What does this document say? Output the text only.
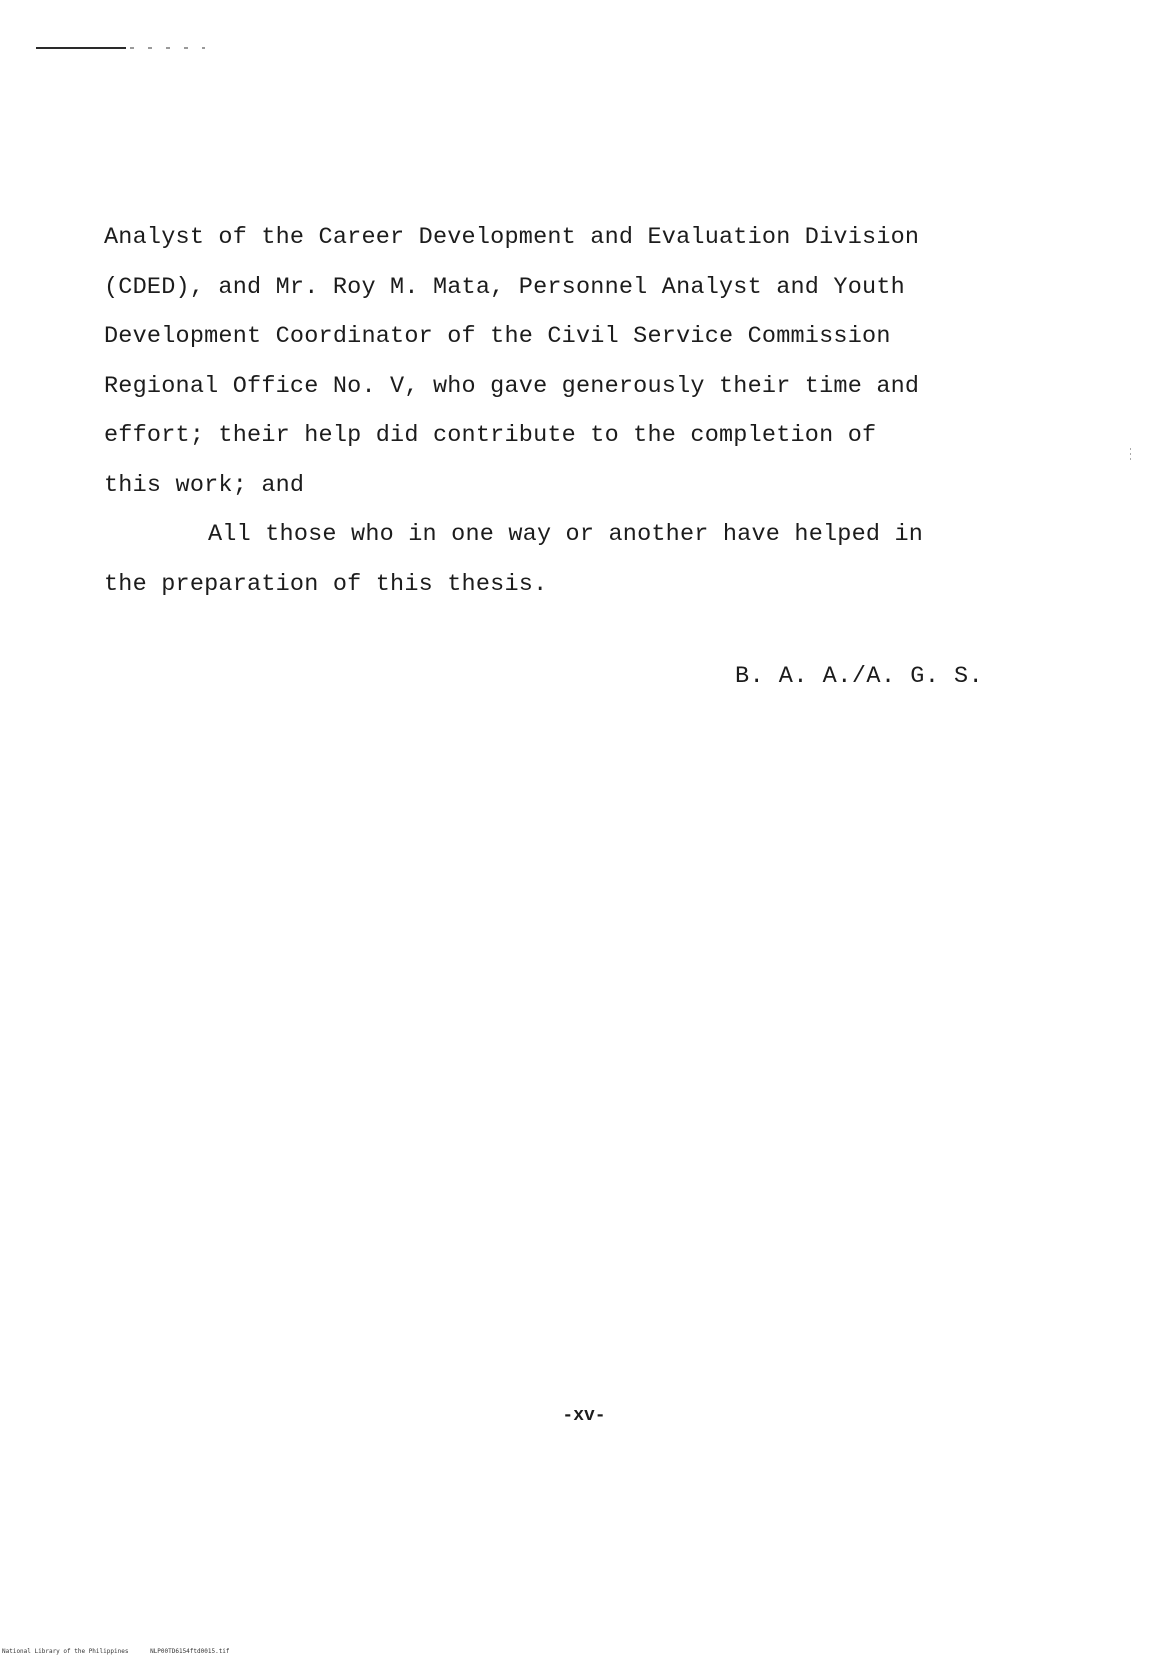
Analyst of the Career Development and Evaluation Division
(CDED), and Mr. Roy M. Mata, Personnel Analyst and Youth
Development Coordinator of the Civil Service Commission
Regional Office No. V, who gave generously their time and
effort; their help did contribute to the completion of
this work; and
All those who in one way or another have helped in
the preparation of this thesis.
B. A. A./A. G. S.
-xv-
National Library of the Philippines	NLP00TD6154ftd0015.tif
